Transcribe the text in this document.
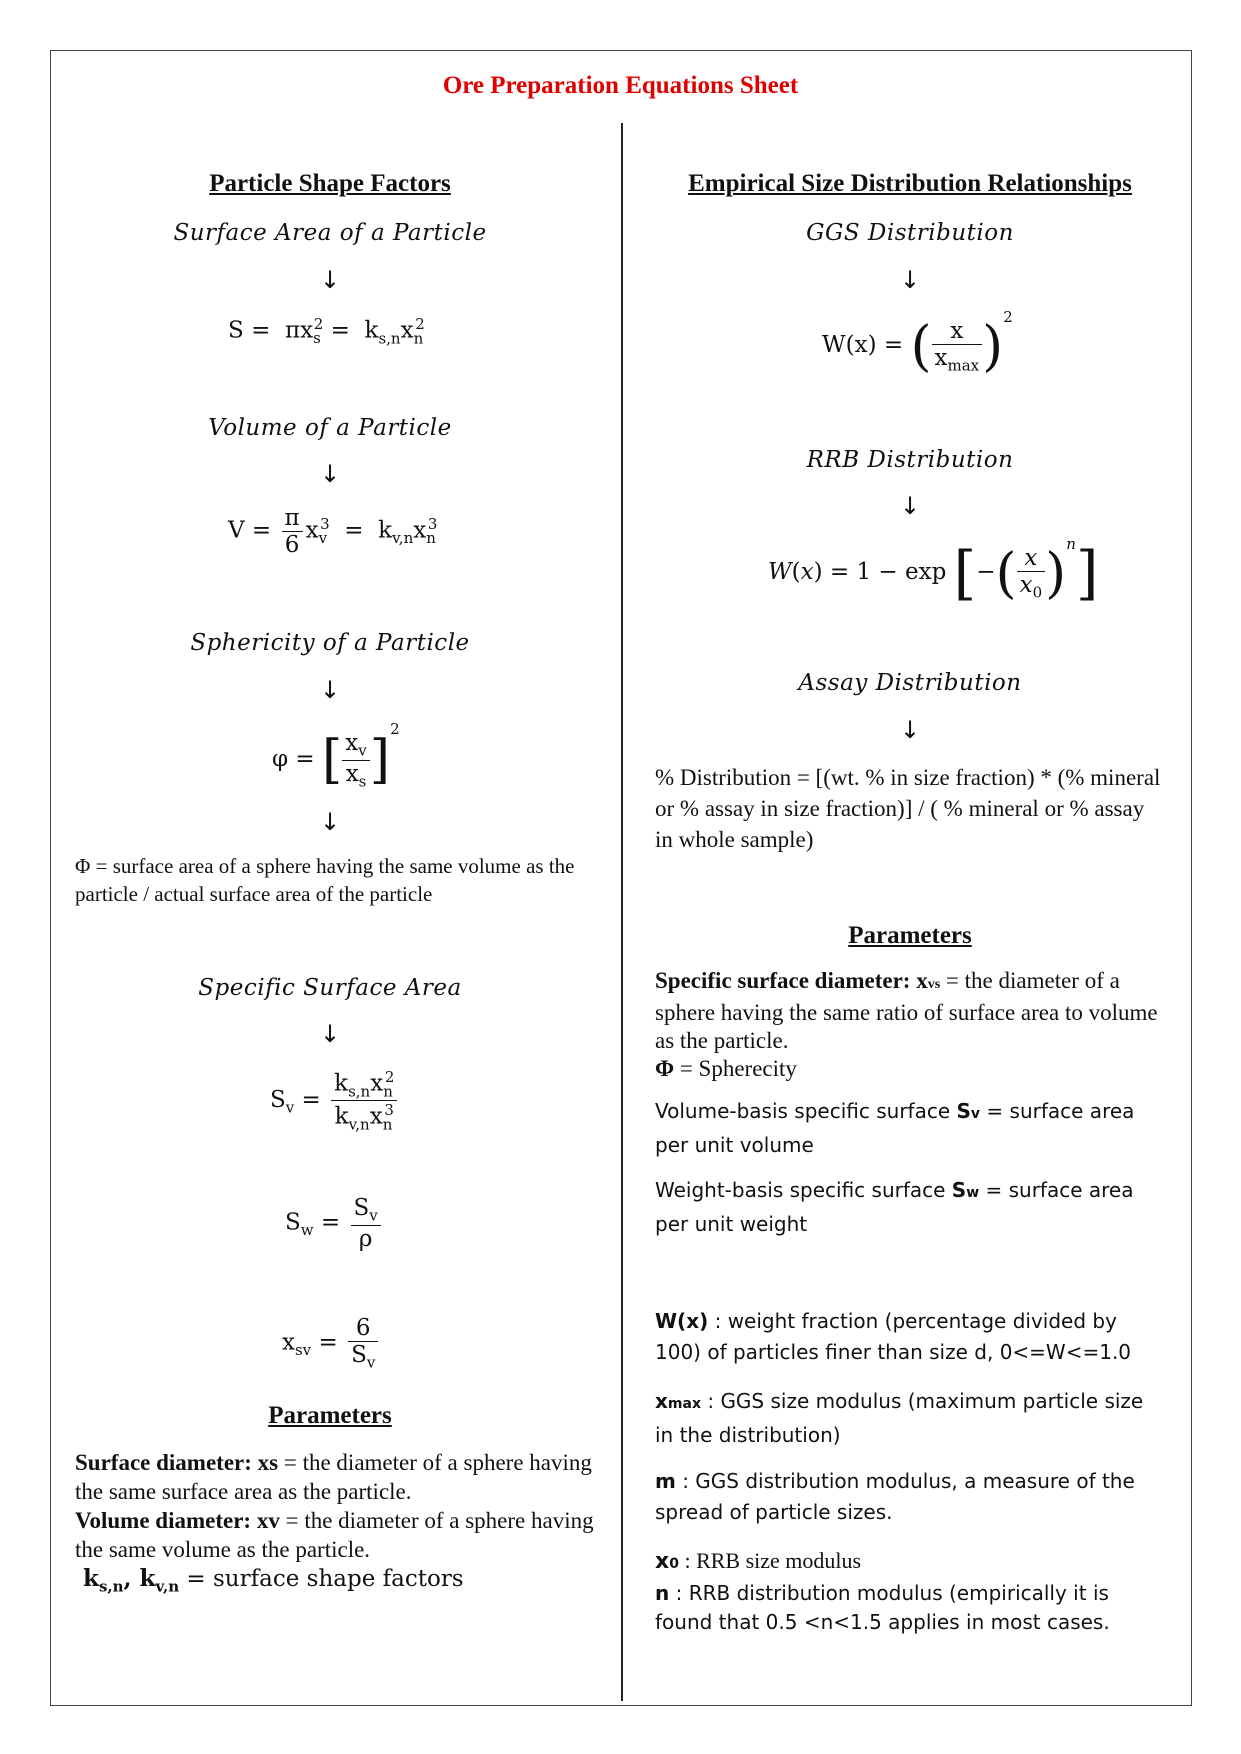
Ore Preparation Equations Sheet
Particle Shape Factors
Surface Area of a Particle
↓
$S = \pi x_s^2 = k_{s,n}x_n^2$
Volume of a Particle
↓
$V = \frac{\pi}{6} x_v^3 = k_{v,n}x_n^3$
Sphericity of a Particle
↓
φ = [ $\frac{x_v}{x_s} ]^2$
↓
Φ = surface area of a sphere having the same volume as the particle / actual surface area of the particle
Specific Surface Area
↓
$S_v = \frac{k_{s,n}x_n^2}{k_{v,n}x_n^3}$
$S_w = \frac{S_v}{\rho}$
$x_{sv} = \frac{6}{S_v}$
Parameters
Surface diameter: xs = the diameter of a sphere having the same surface area as the particle.
Volume diameter: xv = the diameter of a sphere having the same volume as the particle.
$k_{s,n}$, $k_{v,n}$ = surface shape factors
Empirical Size Distribution Relationships
GGS Distribution
↓
W(x) = ( $\frac{x}{x_{max}} )^2$
RRB Distribution
↓
W(x) = 1 − exp [−( $\frac{x}{x_0} )^n$]
Assay Distribution
↓
% Distribution = [(wt. % in size fraction) * (% mineral or % assay in size fraction)] / ( % mineral or % assay in whole sample)
Parameters
Specific surface diameter: xvs = the diameter of a sphere having the same ratio of surface area to volume as the particle.
Φ = Spherecity
Volume-basis specific surface Sv = surface area per unit volume
Weight-basis specific surface Sw = surface area per unit weight
W(x) : weight fraction (percentage divided by 100) of particles finer than size d, 0<=W<=1.0
xmax : GGS size modulus (maximum particle size in the distribution)
m : GGS distribution modulus, a measure of the spread of particle sizes.
x0 : RRB size modulus
n : RRB distribution modulus (empirically it is found that 0.5 <n<1.5 applies in most cases.
